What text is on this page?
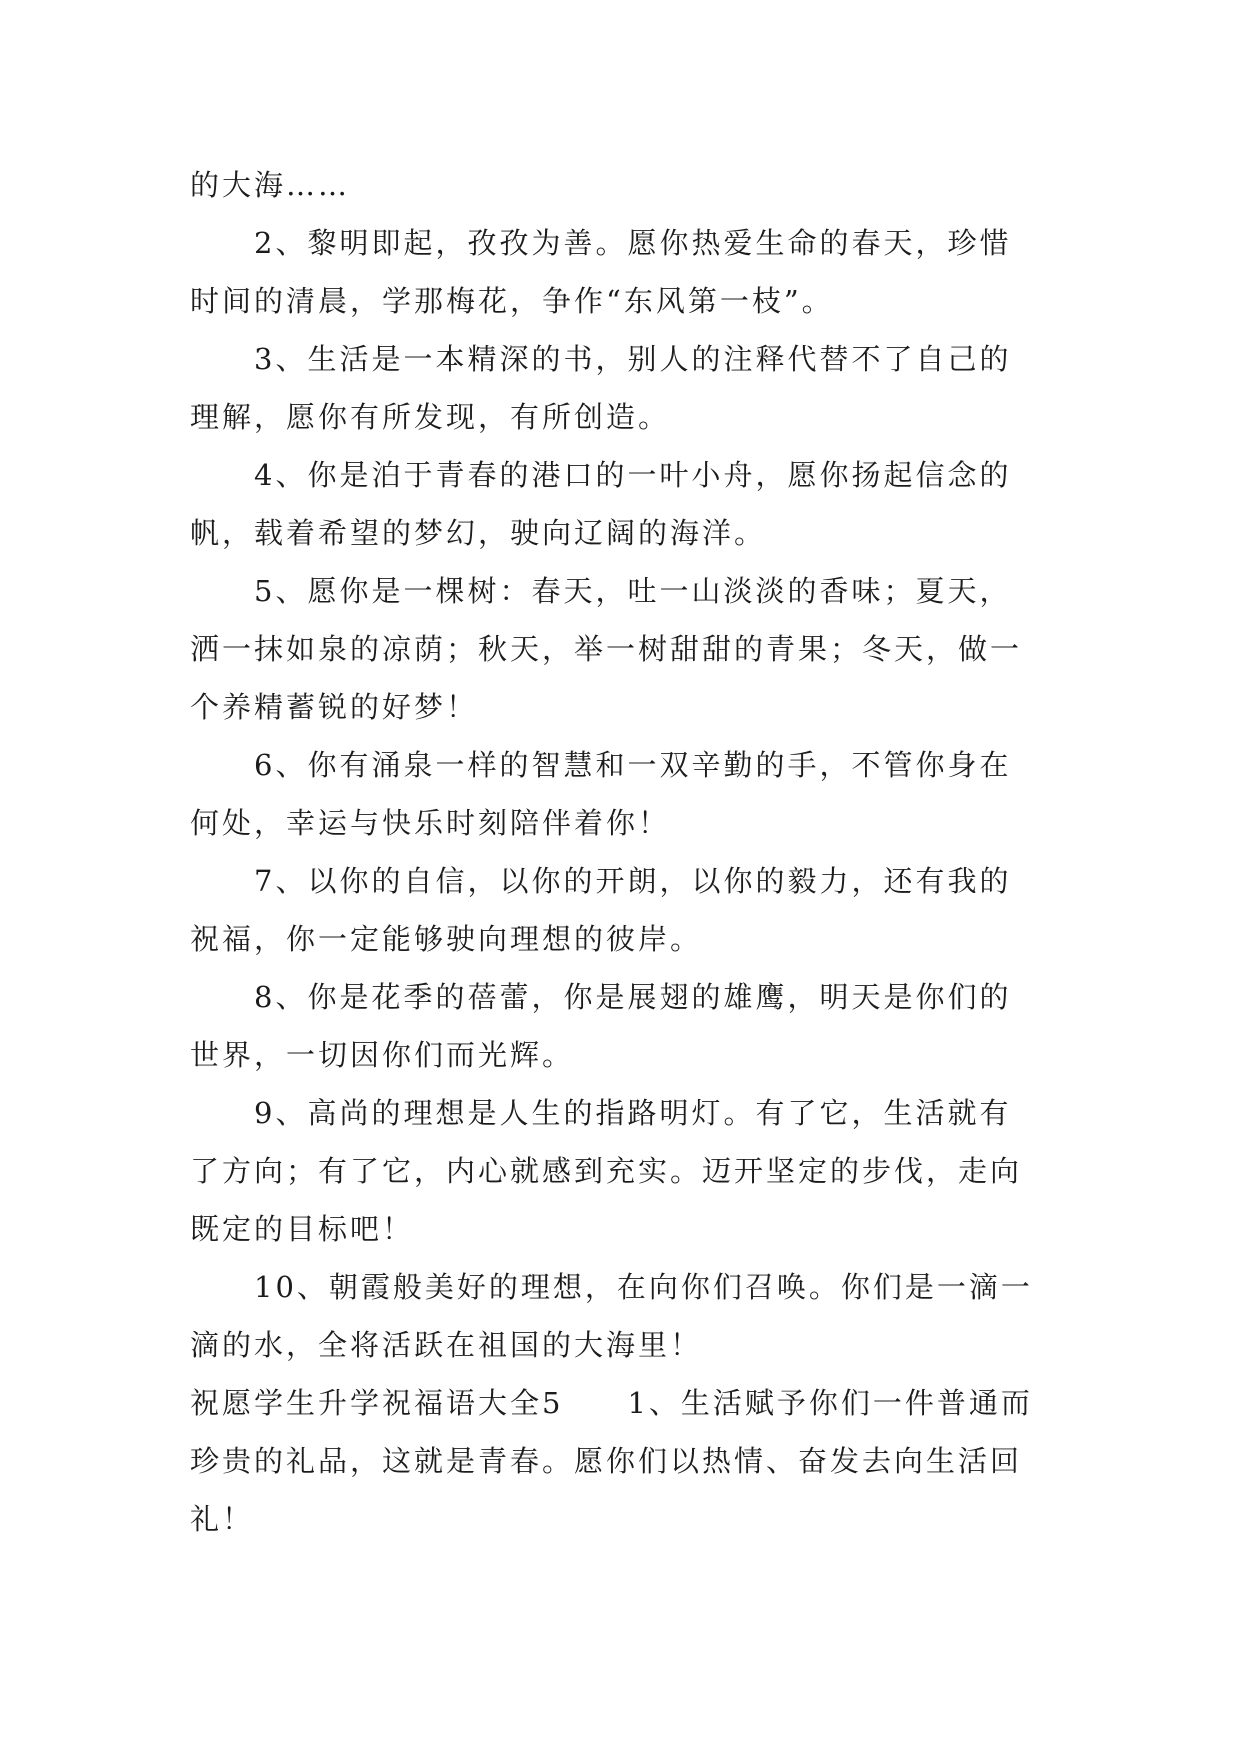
的大海……
2、黎明即起，孜孜为善。愿你热爱生命的春天，珍惜
时间的清晨，学那梅花，争作“东风第一枝”。
3、生活是一本精深的书，别人的注释代替不了自己的
理解，愿你有所发现，有所创造。
4、你是泊于青春的港口的一叶小舟，愿你扬起信念的
帆，载着希望的梦幻，驶向辽阔的海洋。
5、愿你是一棵树：春天，吐一山淡淡的香味；夏天，
洒一抹如泉的凉荫；秋天，举一树甜甜的青果；冬天，做一
个养精蓄锐的好梦！
6、你有涌泉一样的智慧和一双辛勤的手，不管你身在
何处，幸运与快乐时刻陪伴着你！
7、以你的自信，以你的开朗，以你的毅力，还有我的
祝福，你一定能够驶向理想的彼岸。
8、你是花季的蓓蕾，你是展翅的雄鹰，明天是你们的
世界，一切因你们而光辉。
9、高尚的理想是人生的指路明灯。有了它，生活就有
了方向；有了它，内心就感到充实。迈开坚定的步伐，走向
既定的目标吧！
10、朝霞般美好的理想，在向你们召唤。你们是一滴一
滴的水，全将活跃在祖国的大海里！
祝愿学生升学祝福语大全5 1、生活赋予你们一件普通而
珍贵的礼品，这就是青春。愿你们以热情、奋发去向生活回
礼！
